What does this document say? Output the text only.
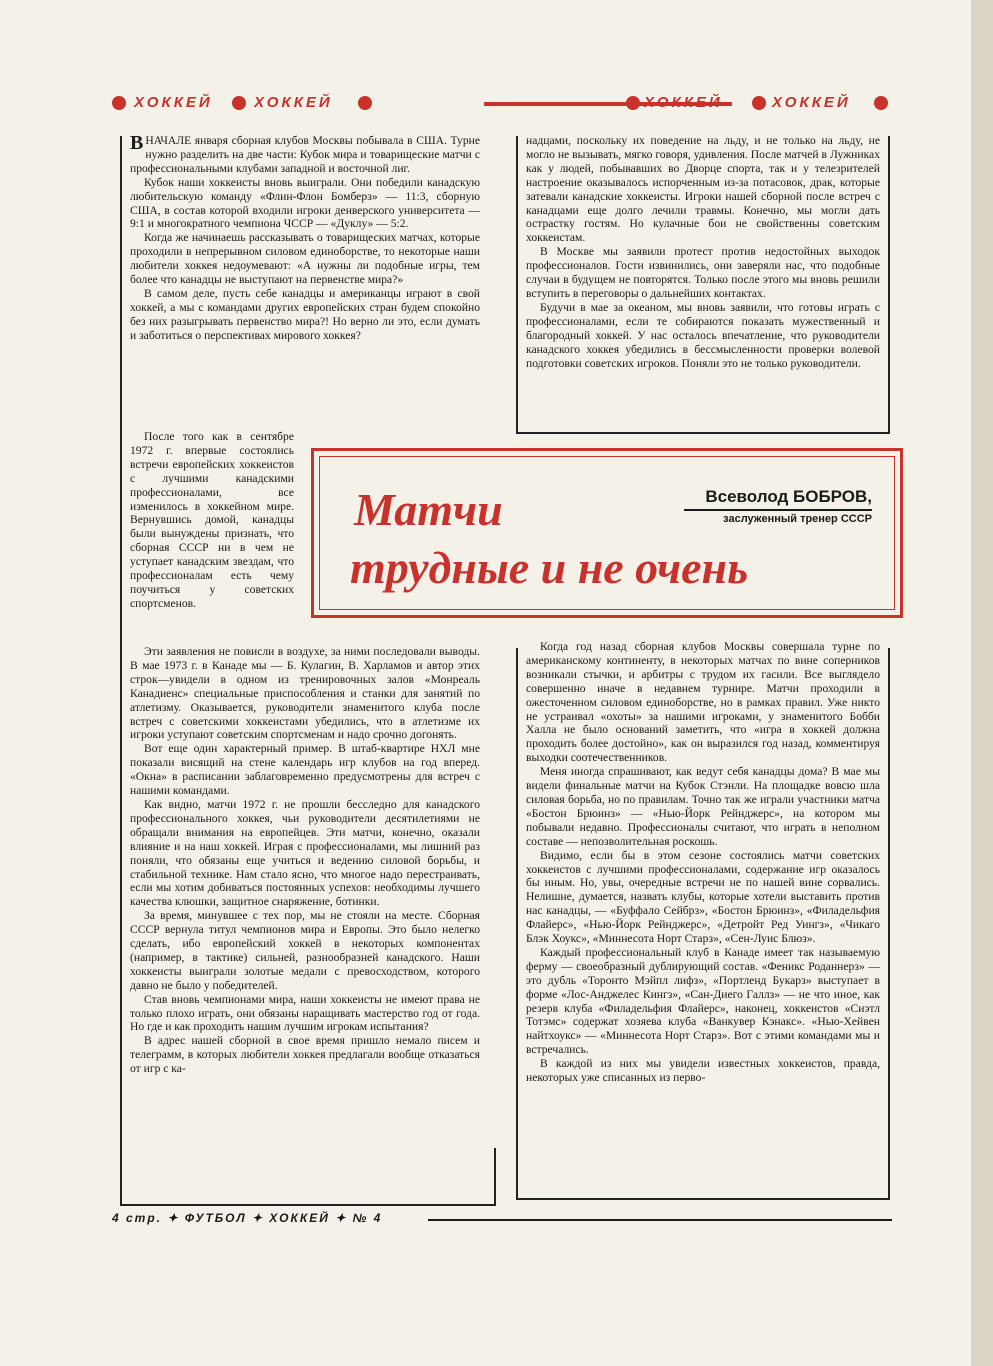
ХОККЕЙ	ХОККЕЙ	ХОККЕЙ	ХОККЕЙ

ВНАЧАЛЕ января сборная клубов Москвы побывала в США. Турне нужно разделить на две части: Кубок мира и товарищеские матчи с профессиональными клубами западной и восточной лиг.

Кубок наши хоккеисты вновь выиграли. Они победили канадскую любительскую команду «Флин-Флон Бомберз» — 11:3, сборную США, в состав которой входили игроки денверского университета — 9:1 и многократного чемпиона ЧССР — «Дуклу» — 5:2.

Когда же начинаешь рассказывать о товарищеских матчах, которые проходили в непрерывном силовом единоборстве, то некоторые наши любители хоккея недоумевают: «А нужны ли подобные игры, тем более что канадцы не выступают на первенстве мира?»

В самом деле, пусть себе канадцы и американцы играют в свой хоккей, а мы с командами других европейских стран будем спокойно без них разыгрывать первенство мира?! Но верно ли это, если думать и заботиться о перспективах мирового хоккея?

После того как в сентябре 1972 г. впервые состоялись встречи европейских хоккеистов с лучшими канадскими профессионалами, все изменилось в хоккейном мире. Вернувшись домой, канадцы были вынуждены признать, что сборная СССР ни в чем не уступает канадским звездам, что профессионалам есть чему поучиться у советских спортсменов.

Эти заявления не повисли в воздухе, за ними последовали выводы. В мае 1973 г. в Канаде мы — Б. Кулагин, В. Харламов и автор этих строк—увидели в одном из тренировочных залов «Монреаль Канадиенс» специальные приспособления и станки для занятий по атлетизму. Оказывается, руководители знаменитого клуба после встреч с советскими хоккеистами убедились, что в атлетизме их игроки уступают советским спортсменам и надо срочно догонять.

Вот еще один характерный пример. В штаб-квартире НХЛ мне показали висящий на стене календарь игр клубов на год вперед. «Окна» в расписании заблаговременно предусмотрены для встреч с нашими командами.

Как видно, матчи 1972 г. не прошли бесследно для канадского профессионального хоккея, чьи руководители десятилетиями не обращали внимания на европейцев. Эти матчи, конечно, оказали влияние и на наш хоккей. Играя с профессионалами, мы лишний раз поняли, что обязаны еще учиться и ведению силовой борьбы, и стабильной технике. Нам стало ясно, что многое надо перестраивать, если мы хотим добиваться постоянных успехов: необходимы лучшего качества клюшки, защитное снаряжение, ботинки.

За время, минувшее с тех пор, мы не стояли на месте. Сборная СССР вернула титул чемпионов мира и Европы. Это было нелегко сделать, ибо европейский хоккей в некоторых компонентах (например, в тактике) сильней, разнообразней канадского. Наши хоккеисты выиграли золотые медали с превосходством, которого давно не было у победителей.

Став вновь чемпионами мира, наши хоккеисты не имеют права не только плохо играть, они обязаны наращивать мастерство год от года. Но где и как проходить нашим лучшим игрокам испытания?

В адрес нашей сборной в свое время пришло немало писем и телеграмм, в которых любители хоккея предлагали вообще отказаться от игр с ка-

надцами, поскольку их поведение на льду, и не только на льду, не могло не вызывать, мягко говоря, удивления. После матчей в Лужниках как у людей, побывавших во Дворце спорта, так и у телезрителей настроение оказывалось испорченным из-за потасовок, драк, которые затевали канадские хоккеисты. Игроки нашей сборной после встреч с канадцами еще долго лечили травмы. Конечно, мы могли дать острастку гостям. Но кулачные бои не свойственны советским хоккеистам.

В Москве мы заявили протест против недостойных выходок профессионалов. Гости извинились, они заверяли нас, что подобные случаи в будущем не повторятся. Только после этого мы вновь решили вступить в переговоры о дальнейших контактах.

Будучи в мае за океаном, мы вновь заявили, что готовы играть с профессионалами, если те собираются показать мужественный и благородный хоккей. У нас осталось впечатление, что руководители канадского хоккея убедились в бессмысленности проверки волевой подготовки советских игроков. Поняли это не только руководители.

Матчи
трудные и не очень
Всеволод БОБРОВ,
заслуженный тренер СССР

Когда год назад сборная клубов Москвы совершала турне по американскому континенту, в некоторых матчах по вине соперников возникали стычки, и арбитры с трудом их гасили. Все выглядело совершенно иначе в недавнем турнире. Матчи проходили в ожесточенном силовом единоборстве, но в рамках правил. Уже никто не устраивал «охоты» за нашими игроками, у знаменитого Бобби Халла не было оснований заметить, что «игра в хоккей должна проходить более достойно», как он выразился год назад, комментируя выходки соотечественников.

Меня иногда спрашивают, как ведут себя канадцы дома? В мае мы видели финальные матчи на Кубок Стэнли. На площадке вовсю шла силовая борьба, но по правилам. Точно так же играли участники матча «Бостон Брюинз» — «Нью-Йорк Рейнджерс», на котором мы побывали недавно. Профессионалы считают, что играть в неполном составе — непозволительная роскошь.

Видимо, если бы в этом сезоне состоялись матчи советских хоккеистов с лучшими профессионалами, содержание игр оказалось бы иным. Но, увы, очередные встречи не по нашей вине сорвались. Нелишне, думается, назвать клубы, которые хотели выставить против нас канадцы, — «Буффало Сейбрз», «Бостон Брюинз», «Филадельфия Флайерс», «Нью-Йорк Рейнджерс», «Детройт Ред Уингз», «Чикаго Блэк Хоукс», «Миннесота Норт Старз», «Сен-Луис Блюз».

Каждый профессиональный клуб в Канаде имеет так называемую ферму — своеобразный дублирующий состав. «Феникс Роданнерз» — это дубль «Торонто Мэйпл лифз», «Портленд Букарз» выступает в форме «Лос-Анджелес Кингз», «Сан-Диего Галлз» — не что иное, как резерв клуба «Филадельфия Флайерс», наконец, хоккеистов «Сиэтл Тотэмс» содержат хозяева клуба «Ванкувер Кэнакс». «Нью-Хейвен найтхоукс» — «Миннесота Норт Старз». Вот с этими командами мы и встречались.

В каждой из них мы увидели известных хоккеистов, правда, некоторых уже списанных из перво-

4 стр. ✦ ФУТБОЛ ✦ ХОККЕЙ ✦ № 4
